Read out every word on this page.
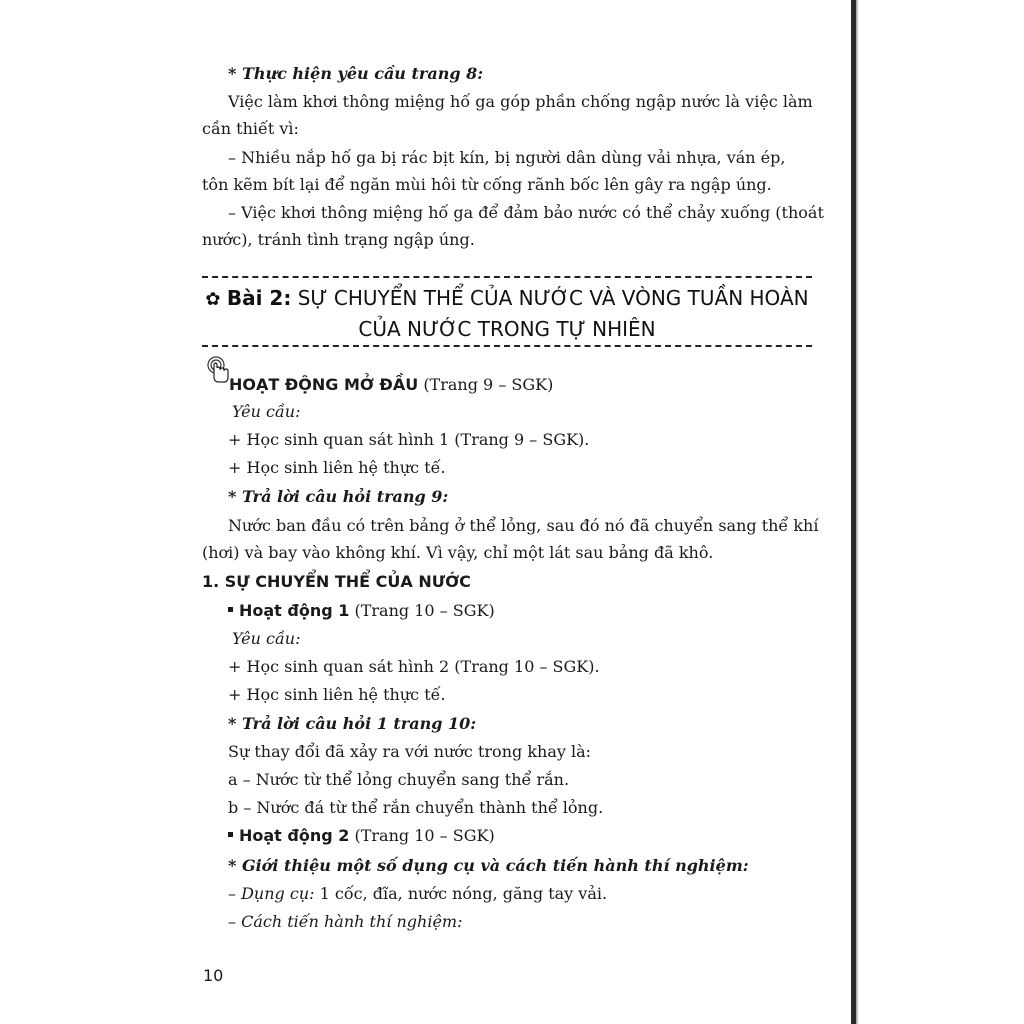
* Thực hiện yêu cầu trang 8:
Việc làm khơi thông miệng hố ga góp phần chống ngập nước là việc làm
cần thiết vì:
– Nhiều nắp hố ga bị rác bịt kín, bị người dân dùng vải nhựa, ván ép,
tôn kẽm bít lại để ngăn mùi hôi từ cống rãnh bốc lên gây ra ngập úng.
– Việc khơi thông miệng hố ga để đảm bảo nước có thể chảy xuống (thoát
nước), tránh tình trạng ngập úng.
✿ Bài 2: SỰ CHUYỂN THỂ CỦA NƯỚC VÀ VÒNG TUẦN HOÀN
CỦA NƯỚC TRONG TỰ NHIÊN
HOẠT ĐỘNG MỞ ĐẦU (Trang 9 – SGK)
Yêu cầu:
+ Học sinh quan sát hình 1 (Trang 9 – SGK).
+ Học sinh liên hệ thực tế.
* Trả lời câu hỏi trang 9:
Nước ban đầu có trên bảng ở thể lỏng, sau đó nó đã chuyển sang thể khí
(hơi) và bay vào không khí. Vì vậy, chỉ một lát sau bảng đã khô.
1. SỰ CHUYỂN THỂ CỦA NƯỚC
Hoạt động 1 (Trang 10 – SGK)
Yêu cầu:
+ Học sinh quan sát hình 2 (Trang 10 – SGK).
+ Học sinh liên hệ thực tế.
* Trả lời câu hỏi 1 trang 10:
Sự thay đổi đã xảy ra với nước trong khay là:
a – Nước từ thể lỏng chuyển sang thể rắn.
b – Nước đá từ thể rắn chuyển thành thể lỏng.
Hoạt động 2 (Trang 10 – SGK)
* Giới thiệu một số dụng cụ và cách tiến hành thí nghiệm:
– Dụng cụ: 1 cốc, đĩa, nước nóng, găng tay vải.
– Cách tiến hành thí nghiệm:
10
